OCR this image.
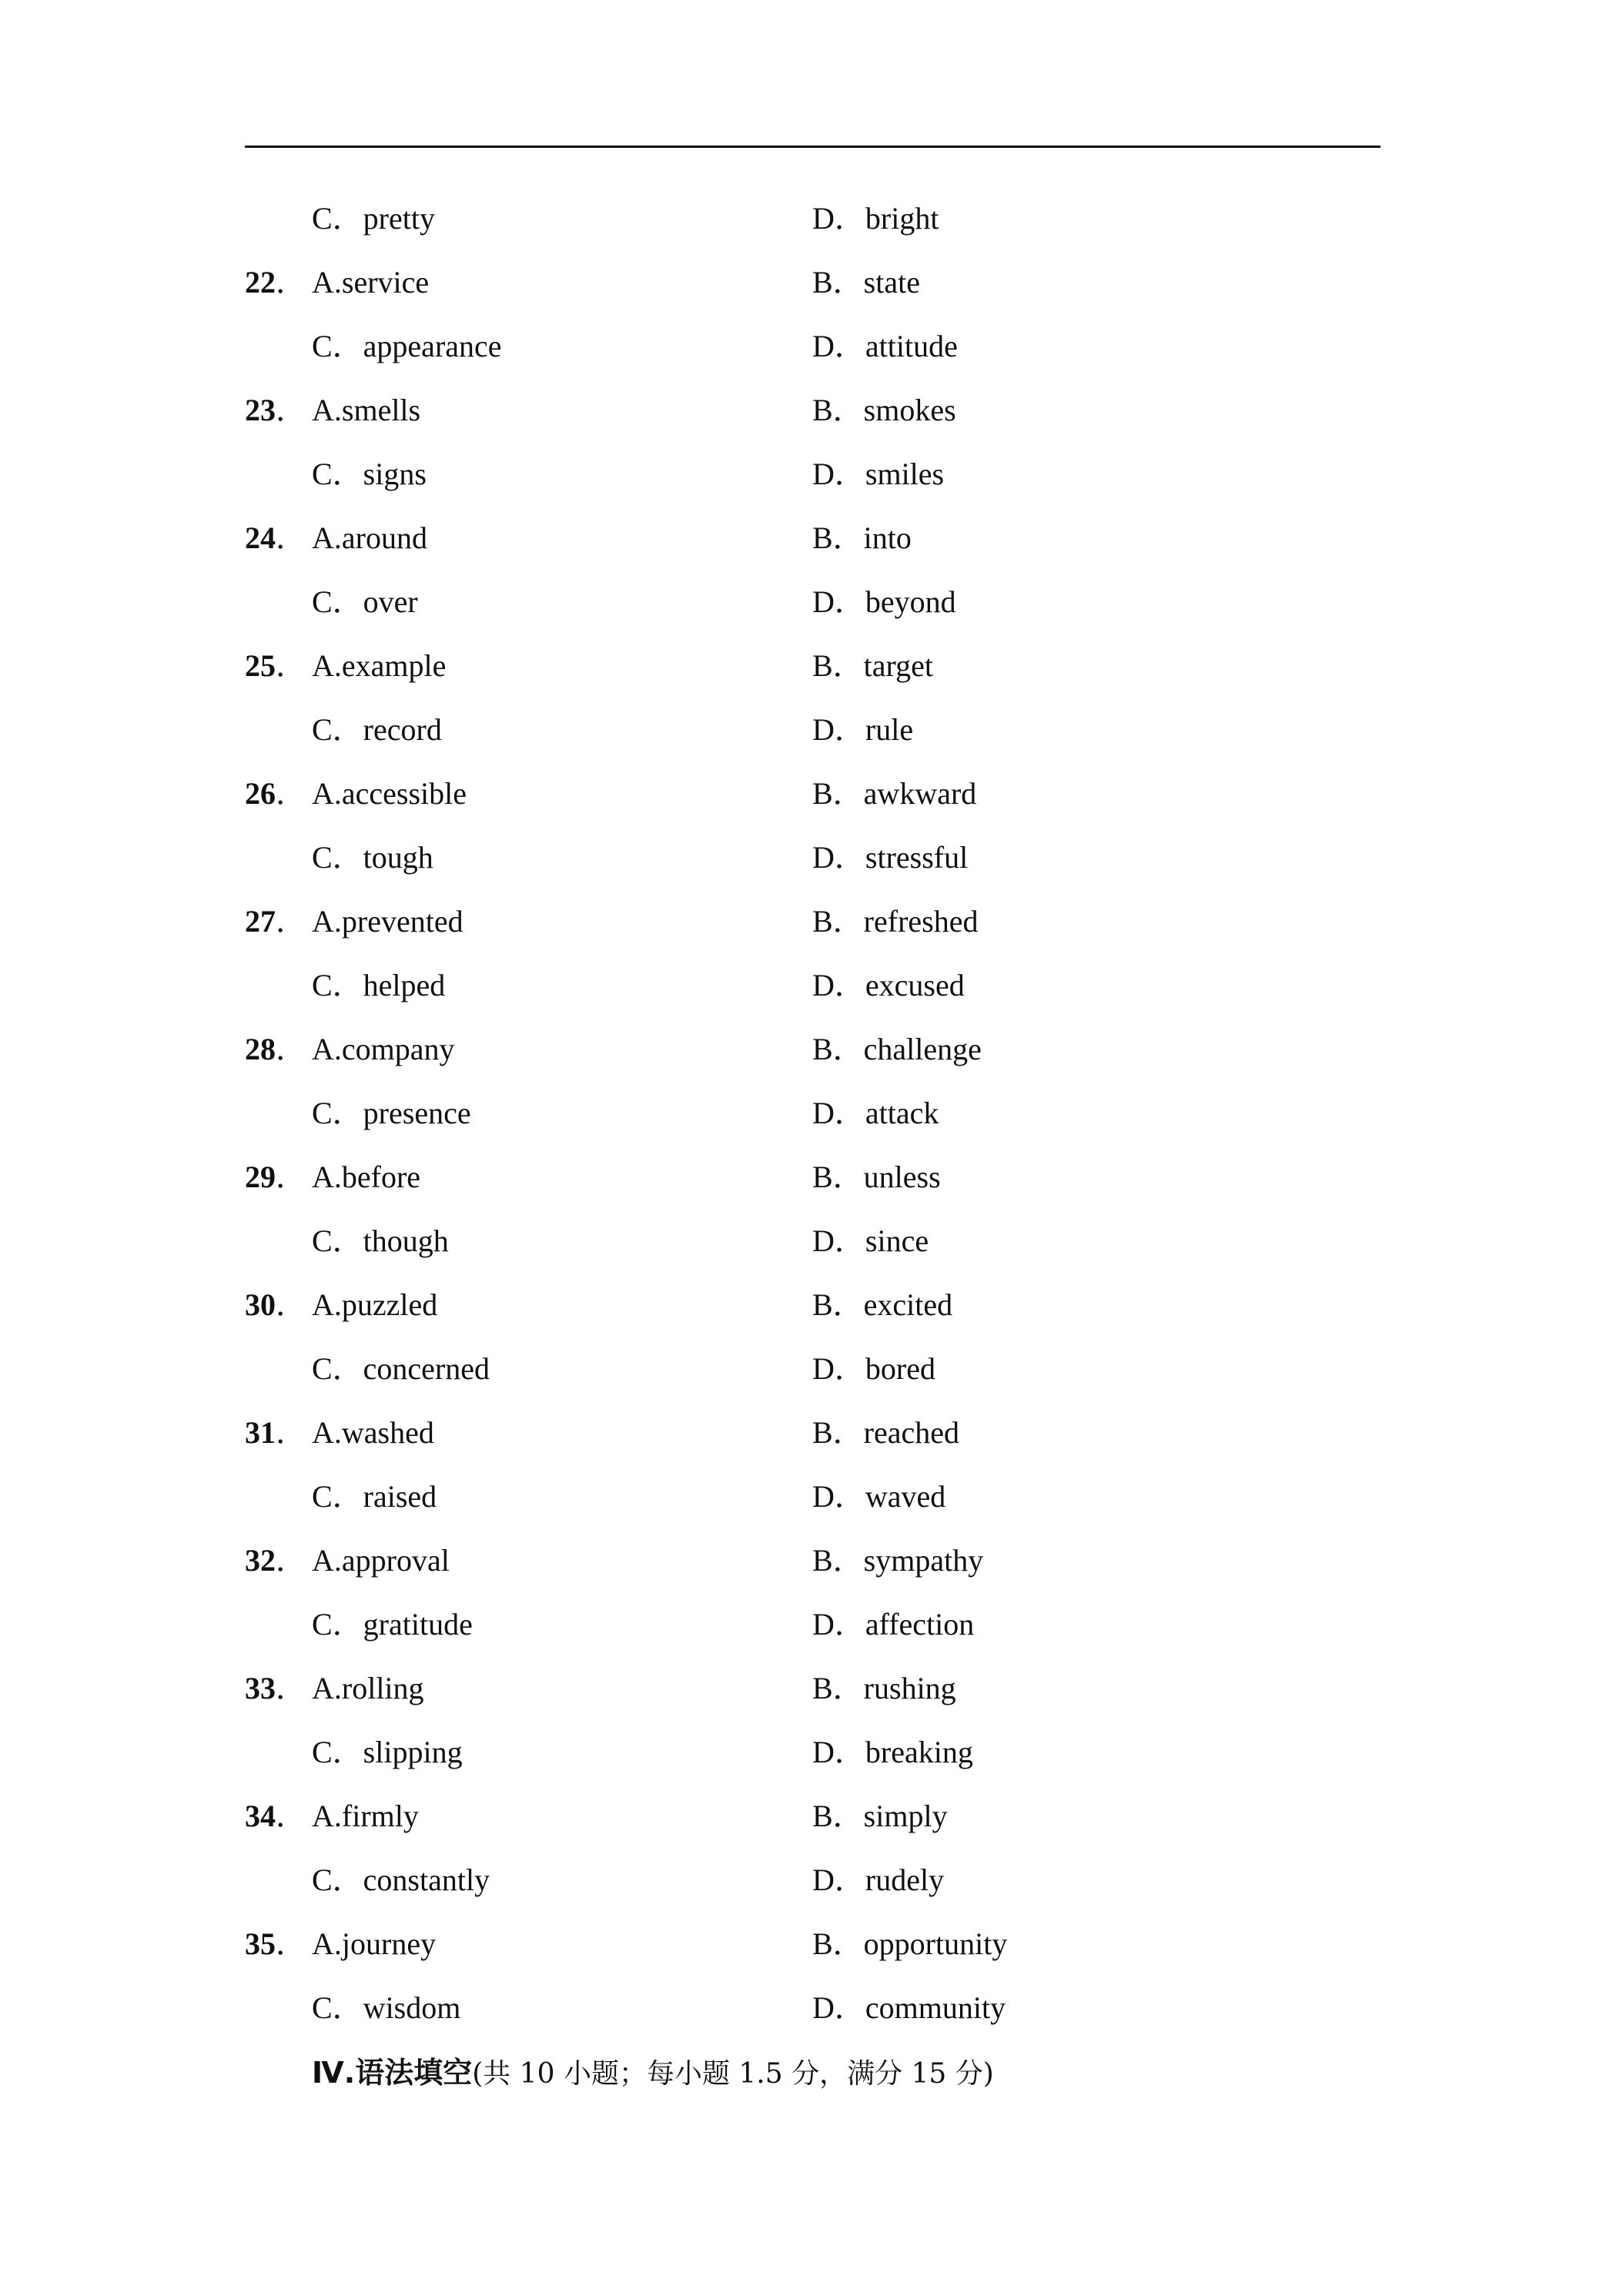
C．pretty	D．bright
22． A.service	B．state
C．appearance	D．attitude
23． A.smells	B．smokes
C．signs	D．smiles
24． A.around	B．into
C．over	D．beyond
25． A.example	B．target
C．record	D．rule
26． A.accessible	B．awkward
C．tough	D．stressful
27． A.prevented	B．refreshed
C．helped	D．excused
28． A.company	B．challenge
C．presence	D．attack
29． A.before	B．unless
C．though	D．since
30． A.puzzled	B．excited
C．concerned	D．bored
31． A.washed	B．reached
C．raised	D．waved
32． A.approval	B．sympathy
C．gratitude	D．affection
33． A.rolling	B．rushing
C．slipping	D．breaking
34． A.firmly	B．simply
C．constantly	D．rudely
35． A.journey	B．opportunity
C．wisdom	D．community
Ⅳ.语法填空(共 10 小题；每小题 1.5 分，满分 15 分)
